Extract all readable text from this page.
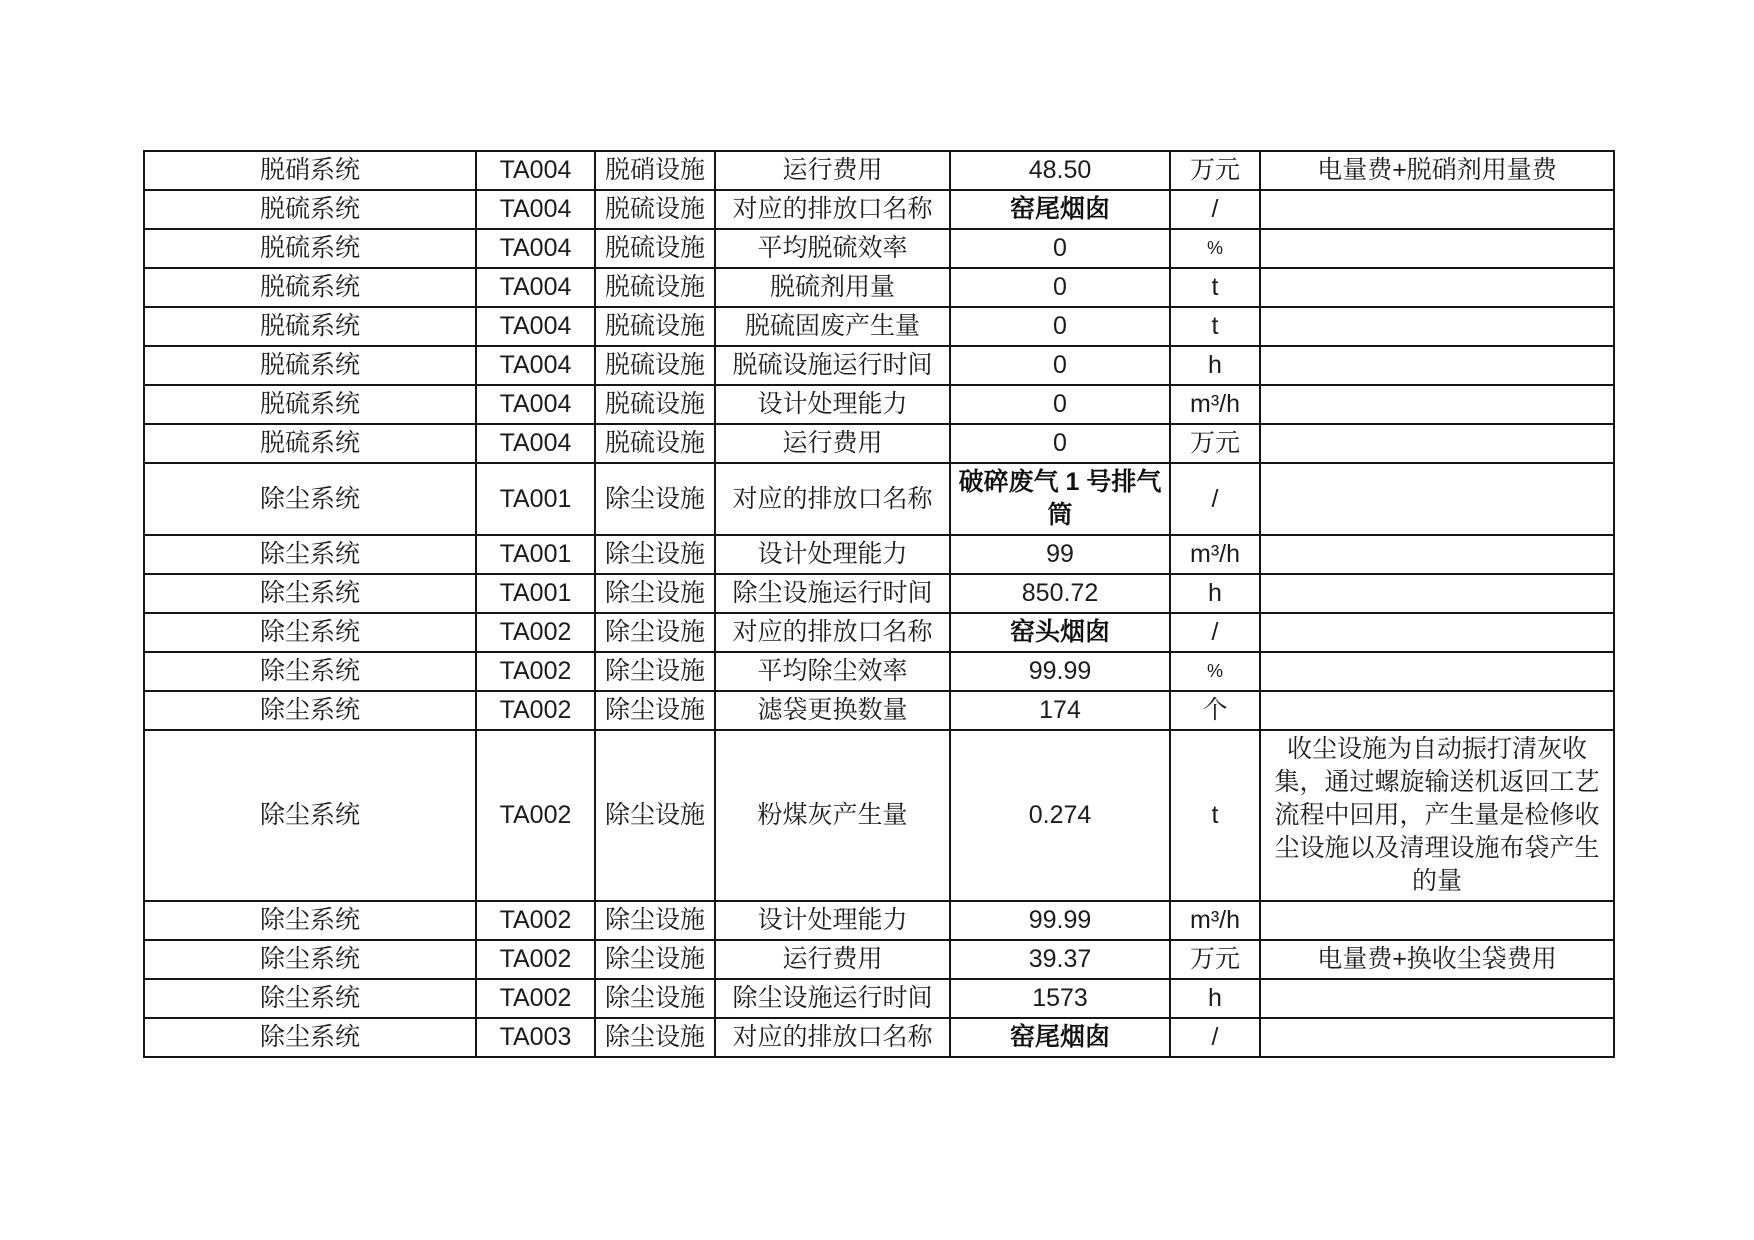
脱硝系统	TA004	脱硝设施	运行费用	48.50	万元	电量费+脱硝剂用量费
脱硫系统	TA004	脱硫设施	对应的排放口名称	窑尾烟囱	/	
脱硫系统	TA004	脱硫设施	平均脱硫效率	0	%	
脱硫系统	TA004	脱硫设施	脱硫剂用量	0	t	
脱硫系统	TA004	脱硫设施	脱硫固废产生量	0	t	
脱硫系统	TA004	脱硫设施	脱硫设施运行时间	0	h	
脱硫系统	TA004	脱硫设施	设计处理能力	0	m³/h	
脱硫系统	TA004	脱硫设施	运行费用	0	万元	
除尘系统	TA001	除尘设施	对应的排放口名称	破碎废气 1 号排气筒	/	
除尘系统	TA001	除尘设施	设计处理能力	99	m³/h	
除尘系统	TA001	除尘设施	除尘设施运行时间	850.72	h	
除尘系统	TA002	除尘设施	对应的排放口名称	窑头烟囱	/	
除尘系统	TA002	除尘设施	平均除尘效率	99.99	%	
除尘系统	TA002	除尘设施	滤袋更换数量	174	个	
除尘系统	TA002	除尘设施	粉煤灰产生量	0.274	t	收尘设施为自动振打清灰收集，通过螺旋输送机返回工艺流程中回用，产生量是检修收尘设施以及清理设施布袋产生的量
除尘系统	TA002	除尘设施	设计处理能力	99.99	m³/h	
除尘系统	TA002	除尘设施	运行费用	39.37	万元	电量费+换收尘袋费用
除尘系统	TA002	除尘设施	除尘设施运行时间	1573	h	
除尘系统	TA003	除尘设施	对应的排放口名称	窑尾烟囱	/	
